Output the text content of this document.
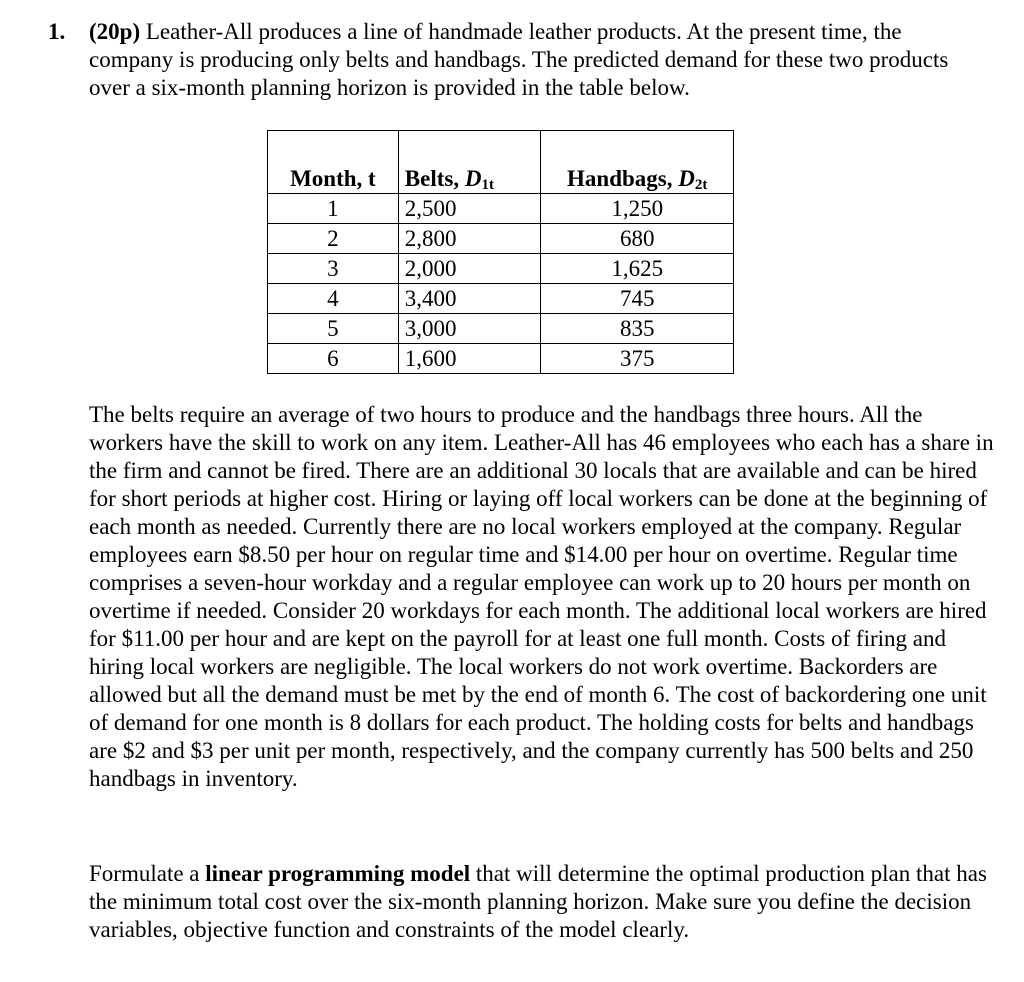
1. (20p) Leather-All produces a line of handmade leather products. At the present time, the company is producing only belts and handbags. The predicted demand for these two products over a six-month planning horizon is provided in the table below.

Month, t	Belts, $D_{1t}$	Handbags, $D_{2t}$
1	2,500	1,250
2	2,800	680
3	2,000	1,625
4	3,400	745
5	3,000	835
6	1,600	375

The belts require an average of two hours to produce and the handbags three hours. All the workers have the skill to work on any item. Leather-All has 46 employees who each has a share in the firm and cannot be fired. There are an additional 30 locals that are available and can be hired for short periods at higher cost. Hiring or laying off local workers can be done at the beginning of each month as needed. Currently there are no local workers employed at the company. Regular employees earn $8.50 per hour on regular time and $14.00 per hour on overtime. Regular time comprises a seven-hour workday and a regular employee can work up to 20 hours per month on overtime if needed. Consider 20 workdays for each month. The additional local workers are hired for $11.00 per hour and are kept on the payroll for at least one full month. Costs of firing and hiring local workers are negligible. The local workers do not work overtime. Backorders are allowed but all the demand must be met by the end of month 6. The cost of backordering one unit of demand for one month is 8 dollars for each product. The holding costs for belts and handbags are $2 and $3 per unit per month, respectively, and the company currently has 500 belts and 250 handbags in inventory.

Formulate a linear programming model that will determine the optimal production plan that has the minimum total cost over the six-month planning horizon. Make sure you define the decision variables, objective function and constraints of the model clearly.
